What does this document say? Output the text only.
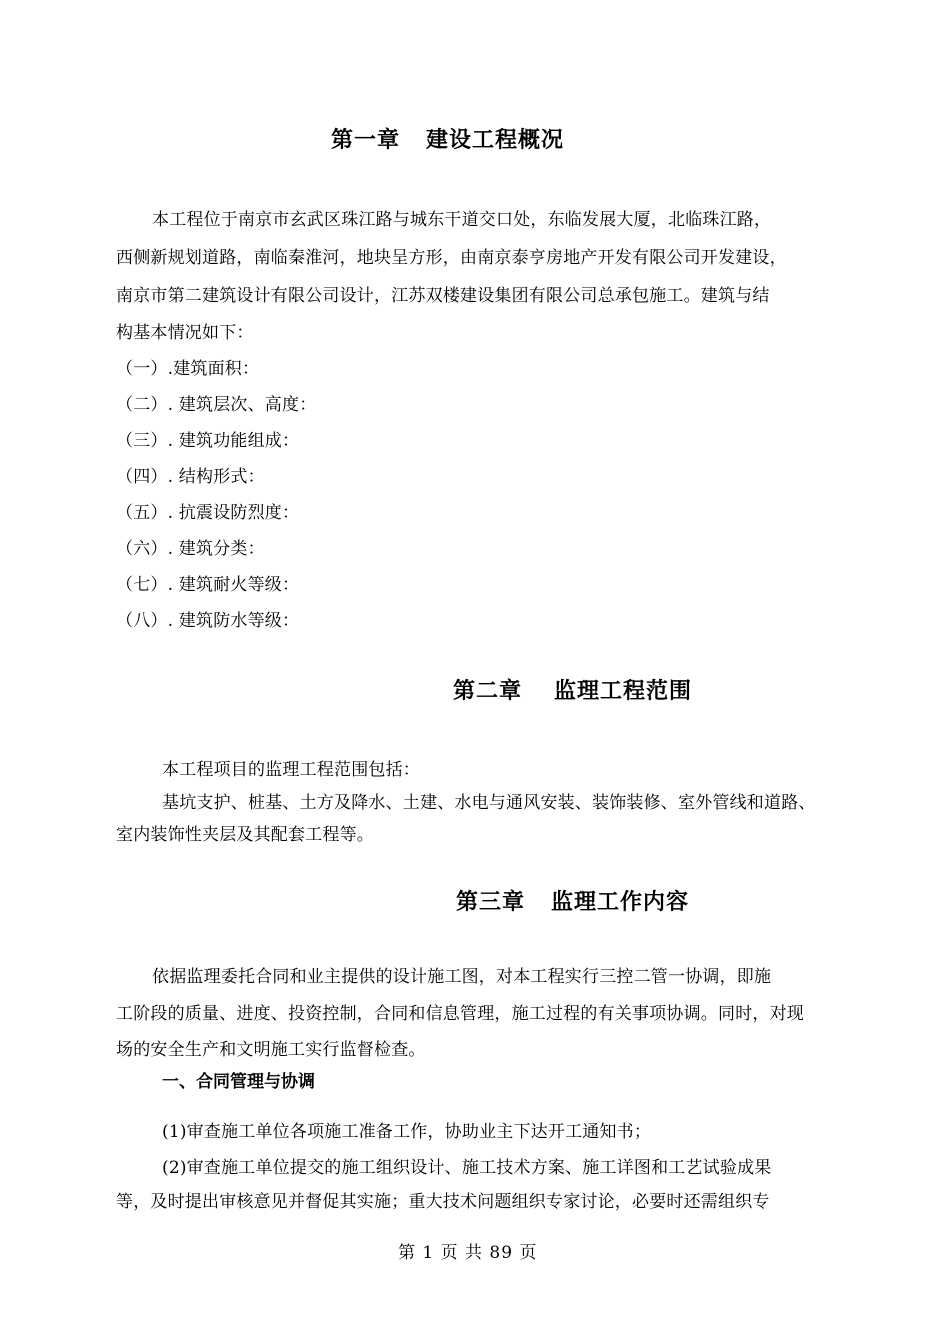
第一章 建设工程概况
本工程位于南京市玄武区珠江路与城东干道交口处，东临发展大厦，北临珠江路，
西侧新规划道路，南临秦淮河，地块呈方形，由南京泰亨房地产开发有限公司开发建设，
南京市第二建筑设计有限公司设计，江苏双楼建设集团有限公司总承包施工。建筑与结
构基本情况如下：
（一）.建筑面积：
（二）. 建筑层次、高度：
（三）. 建筑功能组成：
（四）. 结构形式：
（五）. 抗震设防烈度：
（六）. 建筑分类：
（七）. 建筑耐火等级：
（八）. 建筑防水等级：
第二章 监理工程范围
本工程项目的监理工程范围包括：
基坑支护、桩基、土方及降水、土建、水电与通风安装、装饰装修、室外管线和道路、
室内装饰性夹层及其配套工程等。
第三章 监理工作内容
依据监理委托合同和业主提供的设计施工图，对本工程实行三控二管一协调，即施
工阶段的质量、进度、投资控制，合同和信息管理，施工过程的有关事项协调。同时，对现
场的安全生产和文明施工实行监督检查。
一、合同管理与协调
(1)审查施工单位各项施工准备工作，协助业主下达开工通知书；
(2)审查施工单位提交的施工组织设计、施工技术方案、施工详图和工艺试验成果
等，及时提出审核意见并督促其实施；重大技术问题组织专家讨论，必要时还需组织专
第 1 页 共 89 页
